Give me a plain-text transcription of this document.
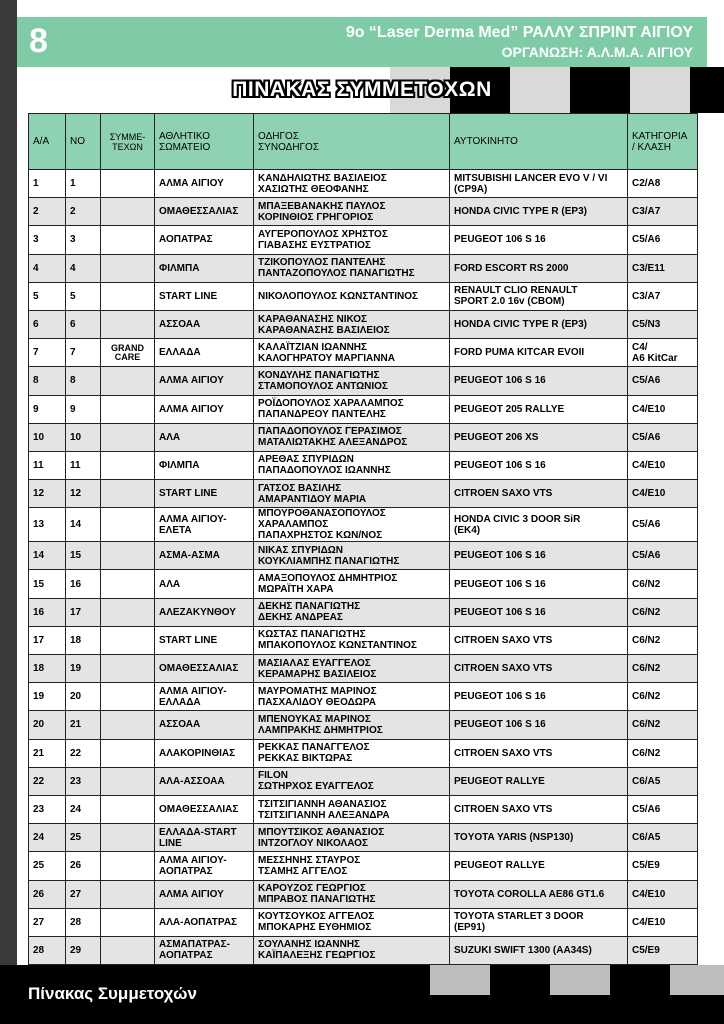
8	9ο “Laser Derma Med” ΡΑΛΛΥ ΣΠΡΙΝΤ ΑΙΓΙΟΥ
ΟΡΓΑΝΩΣΗ: Α.Λ.Μ.Α. ΑΙΓΙΟΥ
ΠΙΝΑΚΑΣ ΣΥΜΜΕΤΟΧΩΝ
Α/Α	ΝΟ	ΣΥΜΜΕ-
ΤΕΧΩΝ	ΑΘΛΗΤΙΚΟ
ΣΩΜΑΤΕΙΟ	ΟΔΗΓΟΣ
ΣΥΝΟΔΗΓΟΣ	ΑΥΤΟΚΙΝΗΤΟ	ΚΑΤΗΓΟΡΙΑ
/ ΚΛΑΣΗ
1	1		ΑΛΜΑ ΑΙΓΙΟΥ	ΚΑΝΔΗΛΙΩΤΗΣ ΒΑΣΙΛΕΙΟΣ
ΧΑΣΙΩΤΗΣ ΘΕΟΦΑΝΗΣ	MITSUBISHI LANCER EVO V / VI
(CP9A)	C2/A8
2	2		ΟΜΑΘΕΣΣΑΛΙΑΣ	ΜΠΑΞΕΒΑΝΑΚΗΣ ΠΑΥΛΟΣ
ΚΟΡΙΝΘΙΟΣ ΓΡΗΓΟΡΙΟΣ	HONDA CIVIC TYPE R (EP3)	C3/A7
3	3		ΑΟΠΑΤΡΑΣ	ΑΥΓΕΡΟΠΟΥΛΟΣ ΧΡΗΣΤΟΣ
ΓΙΑΒΑΣΗΣ ΕΥΣΤΡΑΤΙΟΣ	PEUGEOT 106 S 16	C5/A6
4	4		ΦΙΛΜΠΑ	ΤΖΙΚΟΠΟΥΛΟΣ ΠΑΝΤΕΛΗΣ
ΠΑΝΤΑΖΟΠΟΥΛΟΣ ΠΑΝΑΓΙΩΤΗΣ	FORD ESCORT RS 2000	C3/E11
5	5		START LINE	ΝΙΚΟΛΟΠΟΥΛΟΣ ΚΩΝΣΤΑΝΤΙΝΟΣ	RENAULT CLIO RENAULT
SPORT 2.0 16v (CBOM)	C3/A7
6	6		ΑΣΣΟΑΑ	ΚΑΡΑΘΑΝΑΣΗΣ ΝΙΚΟΣ
ΚΑΡΑΘΑΝΑΣΗΣ ΒΑΣΙΛΕΙΟΣ	HONDA CIVIC TYPE R (EP3)	C5/N3
7	7	GRAND
CARE	ΕΛΛΑΔΑ	ΚΑΛΑΪΤΖΙΑΝ ΙΩΑΝΝΗΣ
ΚΑΛΟΓΗΡΑΤΟΥ ΜΑΡΓΙΑΝΝΑ	FORD PUMA KITCAR EVOII	C4/
A6 KitCar
8	8		ΑΛΜΑ ΑΙΓΙΟΥ	ΚΟΝΔΥΛΗΣ ΠΑΝΑΓΙΩΤΗΣ
ΣΤΑΜΟΠΟΥΛΟΣ ΑΝΤΩΝΙΟΣ	PEUGEOT 106 S 16	C5/A6
9	9		ΑΛΜΑ ΑΙΓΙΟΥ	ΡΟΪΔΟΠΟΥΛΟΣ ΧΑΡΑΛΑΜΠΟΣ
ΠΑΠΑΝΔΡΕΟΥ ΠΑΝΤΕΛΗΣ	PEUGEOT 205 RALLYE	C4/E10
10	10		ΑΛΑ	ΠΑΠΑΔΟΠΟΥΛΟΣ ΓΕΡΑΣΙΜΟΣ
ΜΑΤΑΛΙΩΤΑΚΗΣ ΑΛΕΞΑΝΔΡΟΣ	PEUGEOT 206 XS	C5/A6
11	11		ΦΙΛΜΠΑ	ΑΡΕΘΑΣ ΣΠΥΡΙΔΩΝ
ΠΑΠΑΔΟΠΟΥΛΟΣ ΙΩΑΝΝΗΣ	PEUGEOT 106 S 16	C4/E10
12	12		START LINE	ΓΑΤΣΟΣ ΒΑΣΙΛΗΣ
ΑΜΑΡΑΝΤΙΔΟΥ ΜΑΡΙΑ	CITROEN SAXO VTS	C4/E10
13	14		ΑΛΜΑ ΑΙΓΙΟΥ-
ΕΛΕΤΑ	ΜΠΟΥΡΟΘΑΝΑΣΟΠΟΥΛΟΣ
ΧΑΡΑΛΑΜΠΟΣ
ΠΑΠΑΧΡΗΣΤΟΣ ΚΩΝ/ΝΟΣ	HONDA CIVIC 3 DOOR SiR
(EK4)	C5/A6
14	15		ΑΣΜΑ-ΑΣΜΑ	ΝΙΚΑΣ ΣΠΥΡΙΔΩΝ
ΚΟΥΚΛΙΑΜΠΗΣ ΠΑΝΑΓΙΩΤΗΣ	PEUGEOT 106 S 16	C5/A6
15	16		ΑΛΑ	ΑΜΑΞΟΠΟΥΛΟΣ ΔΗΜΗΤΡΙΟΣ
ΜΩΡΑΪΤΗ ΧΑΡΑ	PEUGEOT 106 S 16	C6/N2
16	17		ΑΛΕΖΑΚΥΝΘΟΥ	ΔΕΚΗΣ ΠΑΝΑΓΙΩΤΗΣ
ΔΕΚΗΣ ΑΝΔΡΕΑΣ	PEUGEOT 106 S 16	C6/N2
17	18		START LINE	ΚΩΣΤΑΣ ΠΑΝΑΓΙΩΤΗΣ
ΜΠΑΚΟΠΟΥΛΟΣ ΚΩΝΣΤΑΝΤΙΝΟΣ	CITROEN SAXO VTS	C6/N2
18	19		ΟΜΑΘΕΣΣΑΛΙΑΣ	ΜΑΣΙΑΛΑΣ ΕΥΑΓΓΕΛΟΣ
ΚΕΡΑΜΑΡΗΣ ΒΑΣΙΛΕΙΟΣ	CITROEN SAXO VTS	C6/N2
19	20		ΑΛΜΑ ΑΙΓΙΟΥ-
ΕΛΛΑΔΑ	ΜΑΥΡΟΜΑΤΗΣ ΜΑΡΙΝΟΣ
ΠΑΣΧΑΛΙΔΟΥ ΘΕΟΔΩΡΑ	PEUGEOT 106 S 16	C6/N2
20	21		ΑΣΣΟΑΑ	ΜΠΕΝΟΥΚΑΣ ΜΑΡΙΝΟΣ
ΛΑΜΠΡΑΚΗΣ ΔΗΜΗΤΡΙΟΣ	PEUGEOT 106 S 16	C6/N2
21	22		ΑΛΑΚΟΡΙΝΘΙΑΣ	ΡΕΚΚΑΣ ΠΑΝΑΓΓΕΛΟΣ
ΡΕΚΚΑΣ ΒΙΚΤΩΡΑΣ	CITROEN SAXO VTS	C6/N2
22	23		ΑΛΑ-ΑΣΣΟΑΑ	FILON
ΣΩΤΗΡΧΟΣ ΕΥΑΓΓΕΛΟΣ	PEUGEOT RALLYE	C6/A5
23	24		ΟΜΑΘΕΣΣΑΛΙΑΣ	ΤΣΙΤΣΙΓΙΑΝΝΗ ΑΘΑΝΑΣΙΟΣ
ΤΣΙΤΣΙΓΙΑΝΝΗ ΑΛΕΞΑΝΔΡΑ	CITROEN SAXO VTS	C5/A6
24	25		ΕΛΛΑΔΑ-START
LINE	ΜΠΟΥΤΣΙΚΟΣ ΑΘΑΝΑΣΙΟΣ
ΙΝΤΖΟΓΛΟΥ ΝΙΚΟΛΑΟΣ	TOYOTA YARIS (NSP130)	C6/A5
25	26		ΑΛΜΑ ΑΙΓΙΟΥ-
ΑΟΠΑΤΡΑΣ	ΜΕΣΣΗΝΗΣ ΣΤΑΥΡΟΣ
ΤΣΑΜΗΣ ΑΓΓΕΛΟΣ	PEUGEOT RALLYE	C5/E9
26	27		ΑΛΜΑ ΑΙΓΙΟΥ	ΚΑΡΟΥΖΟΣ ΓΕΩΡΓΙΟΣ
ΜΠΡΑΒΟΣ ΠΑΝΑΓΙΩΤΗΣ	TOYOTA COROLLA AE86 GT1.6	C4/E10
27	28		ΑΛΑ-ΑΟΠΑΤΡΑΣ	ΚΟΥΤΣΟΥΚΟΣ ΑΓΓΕΛΟΣ
ΜΠΟΚΑΡΗΣ ΕΥΘΗΜΙΟΣ	TOYOTA STARLET 3 DOOR
(EP91)	C4/E10
28	29		ΑΣΜΑΠΑΤΡΑΣ-
ΑΟΠΑΤΡΑΣ	ΣΟΥΛΑΝΗΣ ΙΩΑΝΝΗΣ
ΚΑΪΠΑΛΕΞΗΣ ΓΕΩΡΓΙΟΣ	SUZUKI SWIFT 1300 (AA34S)	C5/E9
Πίνακας Συμμετοχών
